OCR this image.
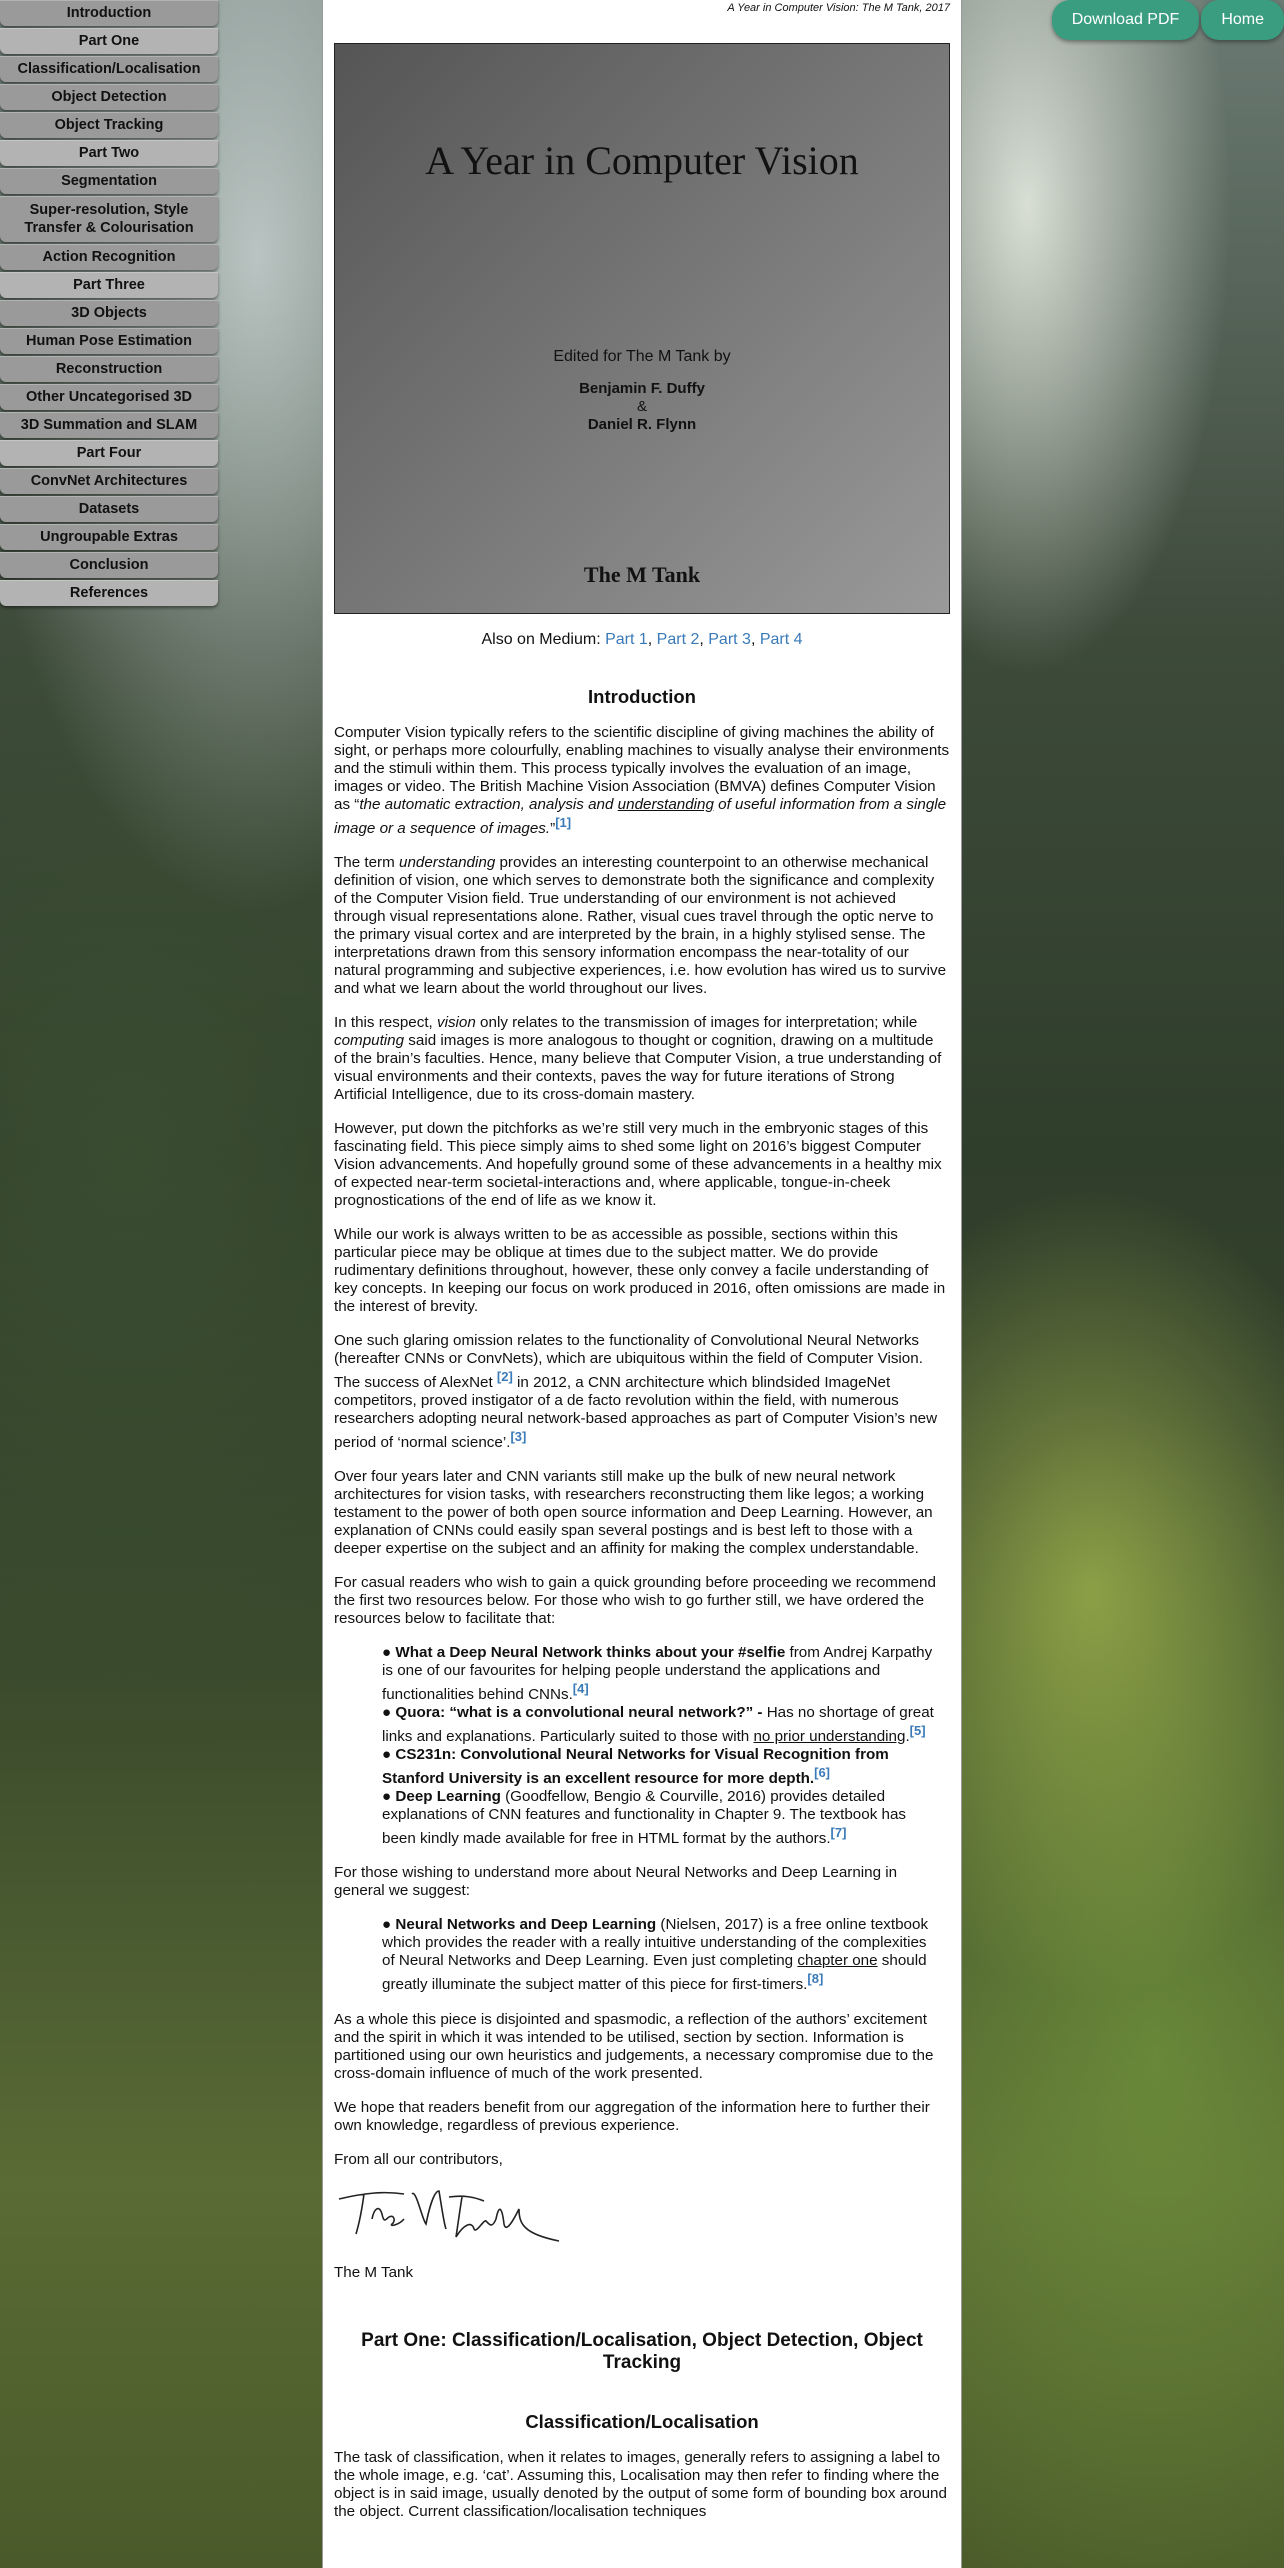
Introduction
Part One
Classification/Localisation
Object Detection
Object Tracking
Part Two
Segmentation
Super-resolution, Style Transfer & Colourisation
Action Recognition
Part Three
3D Objects
Human Pose Estimation
Reconstruction
Other Uncategorised 3D
3D Summation and SLAM
Part Four
ConvNet Architectures
Datasets
Ungroupable Extras
Conclusion
References
Download PDF	Home
A Year in Computer Vision: The M Tank, 2017
A Year in Computer Vision
Edited for The M Tank by
Benjamin F. Duffy
&
Daniel R. Flynn
The M Tank
Also on Medium: Part 1, Part 2, Part 3, Part 4
Introduction

Computer Vision typically refers to the scientific discipline of giving machines the ability of sight, or perhaps more colourfully, enabling machines to visually analyse their environments and the stimuli within them. This process typically involves the evaluation of an image, images or video. The British Machine Vision Association (BMVA) defines Computer Vision as “the automatic extraction, analysis and understanding of useful information from a single image or a sequence of images.”[1]

The term understanding provides an interesting counterpoint to an otherwise mechanical definition of vision, one which serves to demonstrate both the significance and complexity of the Computer Vision field. True understanding of our environment is not achieved through visual representations alone. Rather, visual cues travel through the optic nerve to the primary visual cortex and are interpreted by the brain, in a highly stylised sense. The interpretations drawn from this sensory information encompass the near-totality of our natural programming and subjective experiences, i.e. how evolution has wired us to survive and what we learn about the world throughout our lives.

In this respect, vision only relates to the transmission of images for interpretation; while computing said images is more analogous to thought or cognition, drawing on a multitude of the brain’s faculties. Hence, many believe that Computer Vision, a true understanding of visual environments and their contexts, paves the way for future iterations of Strong Artificial Intelligence, due to its cross-domain mastery.

However, put down the pitchforks as we’re still very much in the embryonic stages of this fascinating field. This piece simply aims to shed some light on 2016’s biggest Computer Vision advancements. And hopefully ground some of these advancements in a healthy mix of expected near-term societal-interactions and, where applicable, tongue-in-cheek prognostications of the end of life as we know it.

While our work is always written to be as accessible as possible, sections within this particular piece may be oblique at times due to the subject matter. We do provide rudimentary definitions throughout, however, these only convey a facile understanding of key concepts. In keeping our focus on work produced in 2016, often omissions are made in the interest of brevity.

One such glaring omission relates to the functionality of Convolutional Neural Networks (hereafter CNNs or ConvNets), which are ubiquitous within the field of Computer Vision. The success of AlexNet [2] in 2012, a CNN architecture which blindsided ImageNet competitors, proved instigator of a de facto revolution within the field, with numerous researchers adopting neural network-based approaches as part of Computer Vision’s new period of ‘normal science’.[3]

Over four years later and CNN variants still make up the bulk of new neural network architectures for vision tasks, with researchers reconstructing them like legos; a working testament to the power of both open source information and Deep Learning. However, an explanation of CNNs could easily span several postings and is best left to those with a deeper expertise on the subject and an affinity for making the complex understandable.

For casual readers who wish to gain a quick grounding before proceeding we recommend the first two resources below. For those who wish to go further still, we have ordered the resources below to facilitate that:

● What a Deep Neural Network thinks about your #selfie from Andrej Karpathy is one of our favourites for helping people understand the applications and functionalities behind CNNs.[4]
● Quora: “what is a convolutional neural network?” - Has no shortage of great links and explanations. Particularly suited to those with no prior understanding.[5]
● CS231n: Convolutional Neural Networks for Visual Recognition from Stanford University is an excellent resource for more depth.[6]
● Deep Learning (Goodfellow, Bengio & Courville, 2016) provides detailed explanations of CNN features and functionality in Chapter 9. The textbook has been kindly made available for free in HTML format by the authors.[7]

For those wishing to understand more about Neural Networks and Deep Learning in general we suggest:

● Neural Networks and Deep Learning (Nielsen, 2017) is a free online textbook which provides the reader with a really intuitive understanding of the complexities of Neural Networks and Deep Learning. Even just completing chapter one should greatly illuminate the subject matter of this piece for first-timers.[8]

As a whole this piece is disjointed and spasmodic, a reflection of the authors’ excitement and the spirit in which it was intended to be utilised, section by section. Information is partitioned using our own heuristics and judgements, a necessary compromise due to the cross-domain influence of much of the work presented.

We hope that readers benefit from our aggregation of the information here to further their own knowledge, regardless of previous experience.

From all our contributors,

The M Tank

Part One: Classification/Localisation, Object Detection, Object Tracking
Classification/Localisation

The task of classification, when it relates to images, generally refers to assigning a label to the whole image, e.g. ‘cat’. Assuming this, Localisation may then refer to finding where the object is in said image, usually denoted by the output of some form of bounding box around the object. Current classification/localisation techniques
